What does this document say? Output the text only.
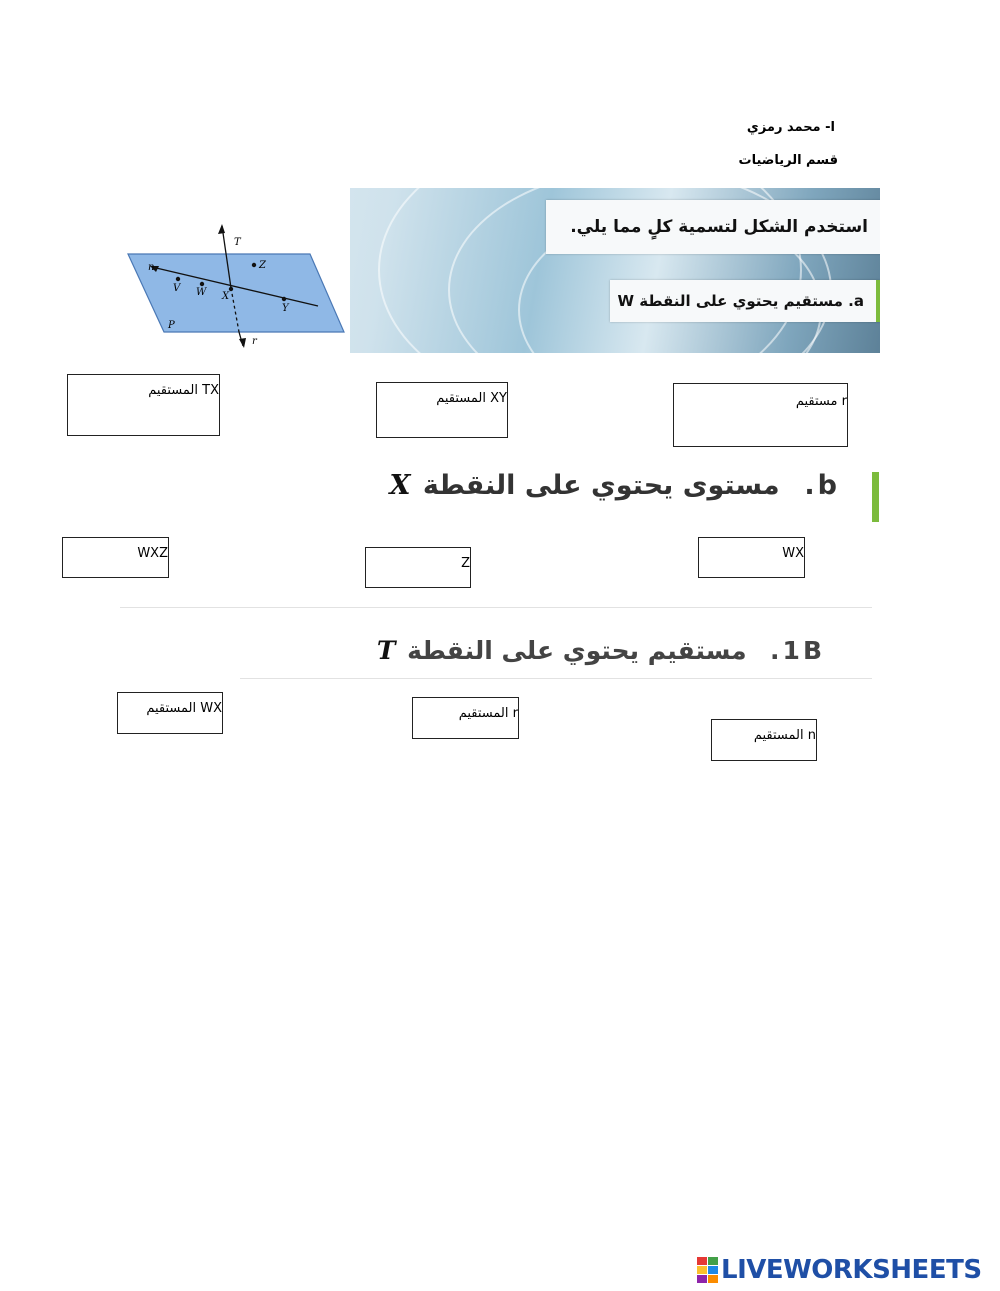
ا- محمد رمزي
قسم الرياضيات
T
Z
n
V W X
Y
P
r
استخدم الشكل لتسمية كلٍ مما يلي.
a. مستقيم يحتوي على النقطة W
TX المستقيم
XY المستقيم	r مستقيم
b.  مستوى يحتوي على النقطة X
WXZ
Z
WX
1B.  مستقيم يحتوي على النقطة T
WX المستقيم	r المستقيم
n المستقيم
LIVEWORKSHEETS
